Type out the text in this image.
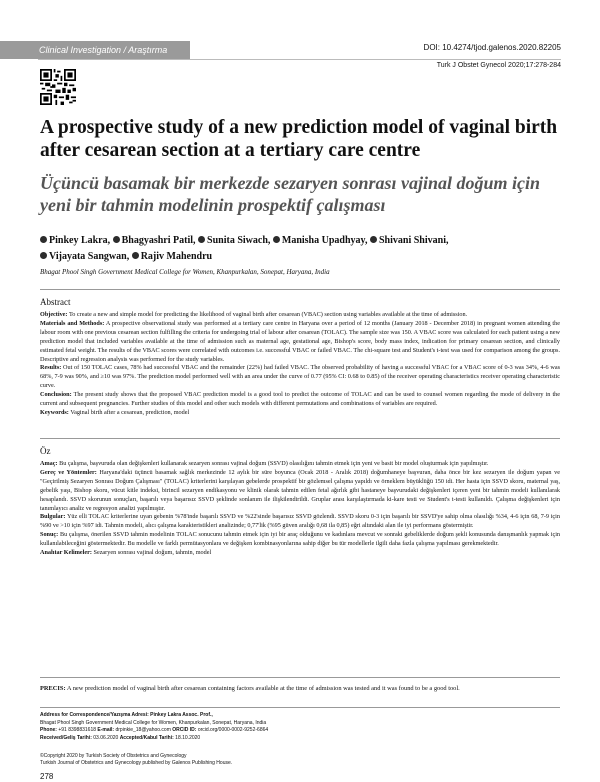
Clinical Investigation / Araştırma	DOI: 10.4274/tjod.galenos.2020.82205
Turk J Obstet Gynecol 2020;17:278-284
A prospective study of a new prediction model of vaginal birth after cesarean section at a tertiary care centre
Üçüncü basamak bir merkezde sezaryen sonrası vajinal doğum için yeni bir tahmin modelinin prospektif çalışması
Pinkey Lakra, Bhagyashri Patil, Sunita Siwach, Manisha Upadhyay, Shivani Shivani,
Vijayata Sangwan, Rajiv Mahendru
Bhagat Phool Singh Government Medical College for Women, Khanpurkalan, Sonepat, Haryana, India
Abstract

Objective: To create a new and simple model for predicting the likelihood of vaginal birth after cesarean (VBAC) section using variables available at the time of admission.

Materials and Methods: A prospective observational study was performed at a tertiary care centre in Haryana over a period of 12 months (January 2018 - December 2018) in pregnant women attending the labour room with one previous cesarean section fulfilling the criteria for undergoing trial of labour after cesarean (TOLAC). The sample size was 150. A VBAC score was calculated for each patient using a new prediction model that included variables available at the time of admission such as maternal age, gestational age, Bishop's score, body mass index, indication for primary cesarean section, and clinically estimated fetal weight. The results of the VBAC scores were correlated with outcomes i.e. successful VBAC or failed VBAC. The chi-square test and Student's t-test was used for comparison among the groups. Descriptive and regression analysis was performed for the study variables.

Results: Out of 150 TOLAC cases, 78% had successful VBAC and the remainder (22%) had failed VBAC. The observed probability of having a successful VBAC for a VBAC score of 0-3 was 34%, 4-6 was 68%, 7-9 was 90%, and ≥10 was 97%. The prediction model performed well with an area under the curve of 0.77 (95% CI: 0.68 to 0.85) of the receiver operating characteristics receiver operating characteristic curve.

Conclusion: The present study shows that the proposed VBAC prediction model is a good tool to predict the outcome of TOLAC and can be used to counsel women regarding the mode of delivery in the current and subsequent pregnancies. Further studies of this model and other such models with different permutations and combinations of variables are required.

Keywords: Vaginal birth after a cesarean, prediction, model

Öz

Amaç: Bu çalışma, başvuruda olan değişkenleri kullanarak sezaryen sonrası vajinal doğum (SSVD) olasılığını tahmin etmek için yeni ve basit bir model oluşturmak için yapılmıştır.

Gereç ve Yöntemler: Haryana'daki üçüncü basamak sağlık merkezinde 12 aylık bir süre boyunca (Ocak 2018 - Aralık 2018) doğumhaneye başvuran, daha önce bir kez sezaryen ile doğum yapan ve "Geçirilmiş Sezaryen Sonrası Doğum Çalışması" (TOLAC) kriterlerini karşılayan gebelerde prospektif bir gözlemsel çalışma yapıldı ve örneklem büyüklüğü 150 idi. Her hasta için SSVD skoru, maternal yaş, gebelik yaşı, Bishop skoru, vücut kitle indeksi, birincil sezaryen endikasyonu ve klinik olarak tahmin edilen fetal ağırlık gibi hastaneye başvurudaki değişkenleri içeren yeni bir tahmin modeli kullanılarak hesaplandı. SSVD skorunun sonuçları, başarılı veya başarısız SSVD şeklinde sonlanım ile ilişkilendirildi. Gruplar arası karşılaştırmada ki-kare testi ve Student's t-testi kullanıldı. Çalışma değişkenleri için tanımlayıcı analiz ve regresyon analizi yapılmıştır.

Bulgular: Yüz elli TOLAC kriterlerine uyan gebenin %78'inde başarılı SSVD ve %22'sinde başarısız SSVD gözlendi. SSVD skoru 0-3 için başarılı bir SSVD'ye sahip olma olasılığı %34, 4-6 için 68, 7-9 için %90 ve >10 için %97 idi. Tahmin modeli, alıcı çalışma karakteristikleri analizinde; 0,77'lik (%95 güven aralığı 0,68 ila 0,85) eğri altındaki alan ile iyi performans göstermiştir.

Sonuç: Bu çalışma, önerilen SSVD tahmin modelinin TOLAC sonucunu tahmin etmek için iyi bir araç olduğunu ve kadınlara mevcut ve sonraki gebeliklerde doğum şekli konusunda danışmanlık yapmak için kullanılabileceğini göstermektedir. Bu modelle ve farklı permütasyonlara ve değişken kombinasyonlarına sahip diğer bu tür modellerle ilgili daha fazla çalışma yapılması gerekmektedir.

Anahtar Kelimeler: Sezaryen sonrası vajinal doğum, tahmin, model

PRECIS: A new prediction model of vaginal birth after cesarean containing factors available at the time of admission was tested and it was found to be a good tool.
Address for Correspondence/Yazışma Adresi: Pinkey Lakra Assoc. Prof.,
Bhagat Phool Singh Government Medical College for Women, Khanpurkalan, Sonepat, Haryana, India
Phone: +91 8398831618 E-mail: drpinkie_18@yahoo.com ORCID ID: orcid.org/0000-0002-9252-6864
Received/Geliş Tarihi: 03.06.2020 Accepted/Kabul Tarihi: 18.10.2020
©Copyright 2020 by Turkish Society of Obstetrics and Gynecology
Turkish Journal of Obstetrics and Gynecology published by Galenos Publishing House.
278
